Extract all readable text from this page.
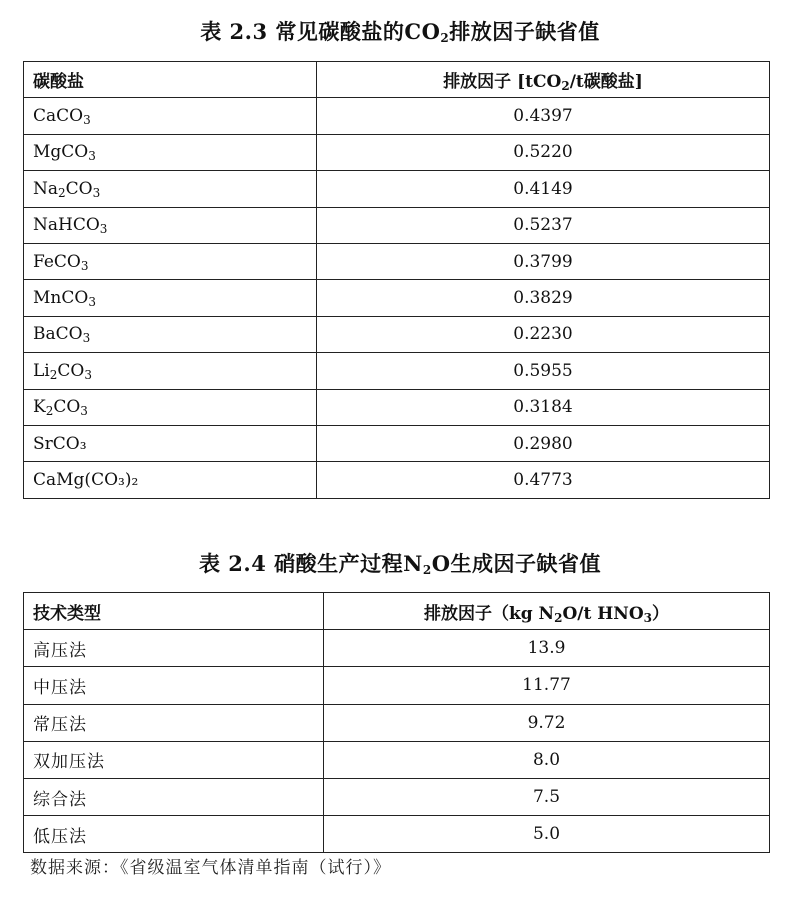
表 2.3 常见碳酸盐的$CO_2$排放因子缺省值
碳酸盐	排放因子 [tCO$_2$/t碳酸盐]
CaCO$_3$	0.4397
MgCO$_3$	0.5220
$Na_2CO_3$	0.4149
NaHCO$_3$	0.5237
FeCO$_3$	0.3799
MnCO$_3$	0.3829
BaCO$_3$	0.2230
$Li_2CO_3$	0.5955
$K_2CO_3$	0.3184
SrCO₃	0.2980
CaMg(CO₃)₂	0.4773
表 2.4 硝酸生产过程$N_2O$生成因子缺省值
技术类型	排放因子（kg $N_2O/t$ $HNO_3$）
高压法	13.9
中压法	11.77
常压法	9.72
双加压法	8.0
综合法	7.5
低压法	5.0
数据来源：《省级温室气体清单指南（试行）》
